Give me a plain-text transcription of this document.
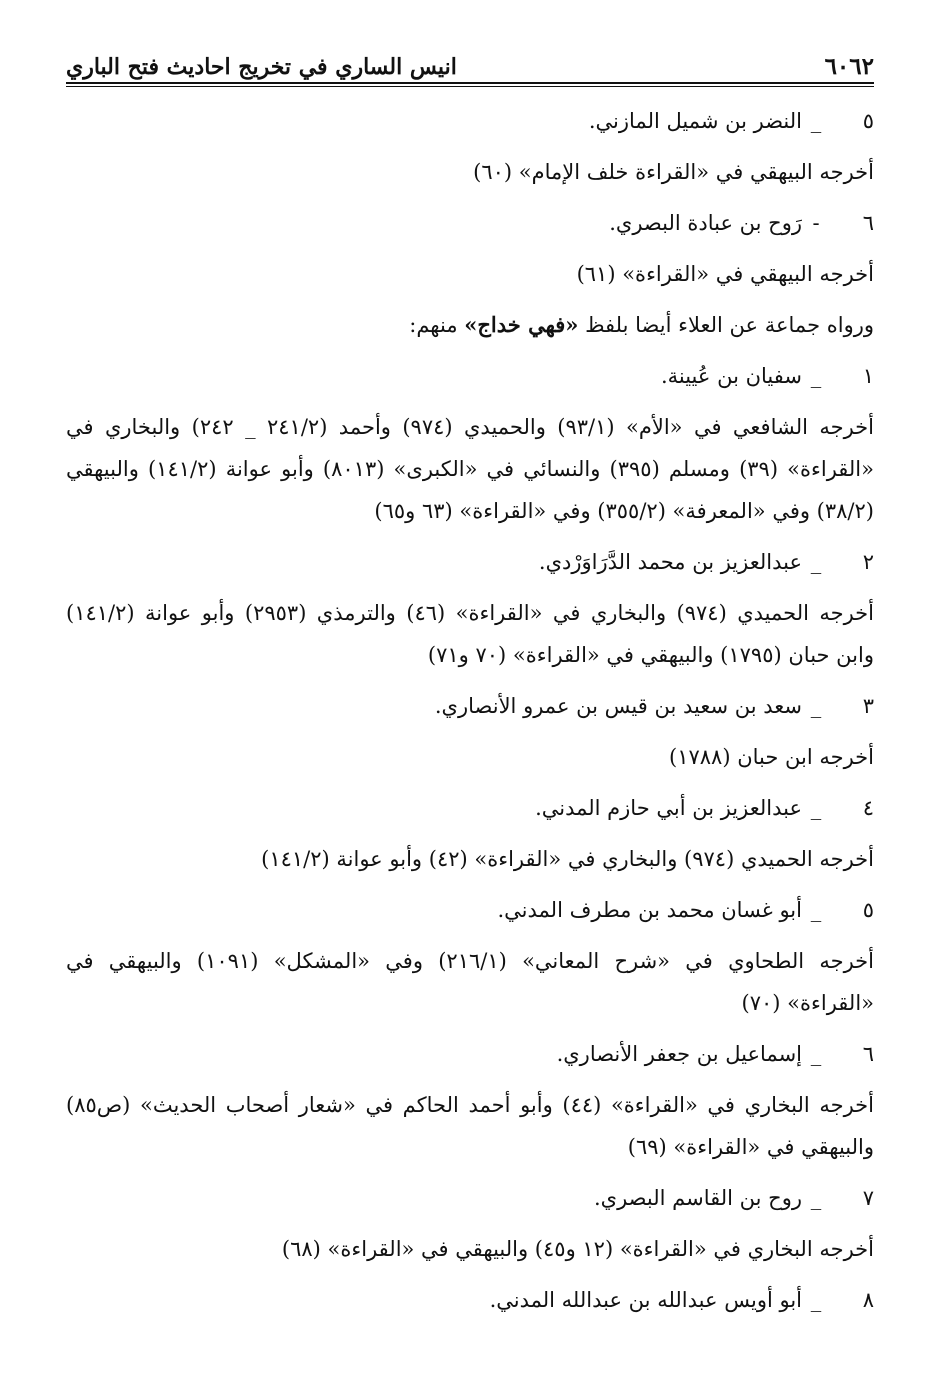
انيس الساري في تخريج احاديث فتح الباري	٦٠٦٢
٥
_
النضر بن شميل المازني.
أخرجه البيهقي في «القراءة خلف الإمام» (٦٠)
٦
-
رَوح بن عبادة البصري.
أخرجه البيهقي في «القراءة» (٦١)
ورواه جماعة عن العلاء أيضا بلفظ «فهي خداج» منهم:
١
_
سفيان بن عُيينة.
أخرجه الشافعي في «الأم» (٩٣/١) والحميدي (٩٧٤) وأحمد (٢٤١/٢ _ ٢٤٢) والبخاري في «القراءة» (٣٩) ومسلم (٣٩٥) والنسائي في «الكبرى» (٨٠١٣) وأبو عوانة (١٤١/٢) والبيهقي (٣٨/٢) وفي «المعرفة» (٣٥٥/٢) وفي «القراءة» (٦٣ و٦٥)
٢
_
عبدالعزيز بن محمد الدَّرَاوَرْدي.
أخرجه الحميدي (٩٧٤) والبخاري في «القراءة» (٤٦) والترمذي (٢٩٥٣) وأبو عوانة (١٤١/٢) وابن حبان (١٧٩٥) والبيهقي في «القراءة» (٧٠ و٧١)
٣
_
سعد بن سعيد بن قيس بن عمرو الأنصاري.
أخرجه ابن حبان (١٧٨٨)
٤
_
عبدالعزيز بن أبي حازم المدني.
أخرجه الحميدي (٩٧٤) والبخاري في «القراءة» (٤٢) وأبو عوانة (١٤١/٢)
٥
_
أبو غسان محمد بن مطرف المدني.
أخرجه الطحاوي في «شرح المعاني» (٢١٦/١) وفي «المشكل» (١٠٩١) والبيهقي في «القراءة» (٧٠)
٦
_
إسماعيل بن جعفر الأنصاري.
أخرجه البخاري في «القراءة» (٤٤) وأبو أحمد الحاكم في «شعار أصحاب الحديث» (ص٨٥) والبيهقي في «القراءة» (٦٩)
٧
_
روح بن القاسم البصري.
أخرجه البخاري في «القراءة» (١٢ و٤٥) والبيهقي في «القراءة» (٦٨)
٨
_
أبو أويس عبدالله بن عبدالله المدني.
